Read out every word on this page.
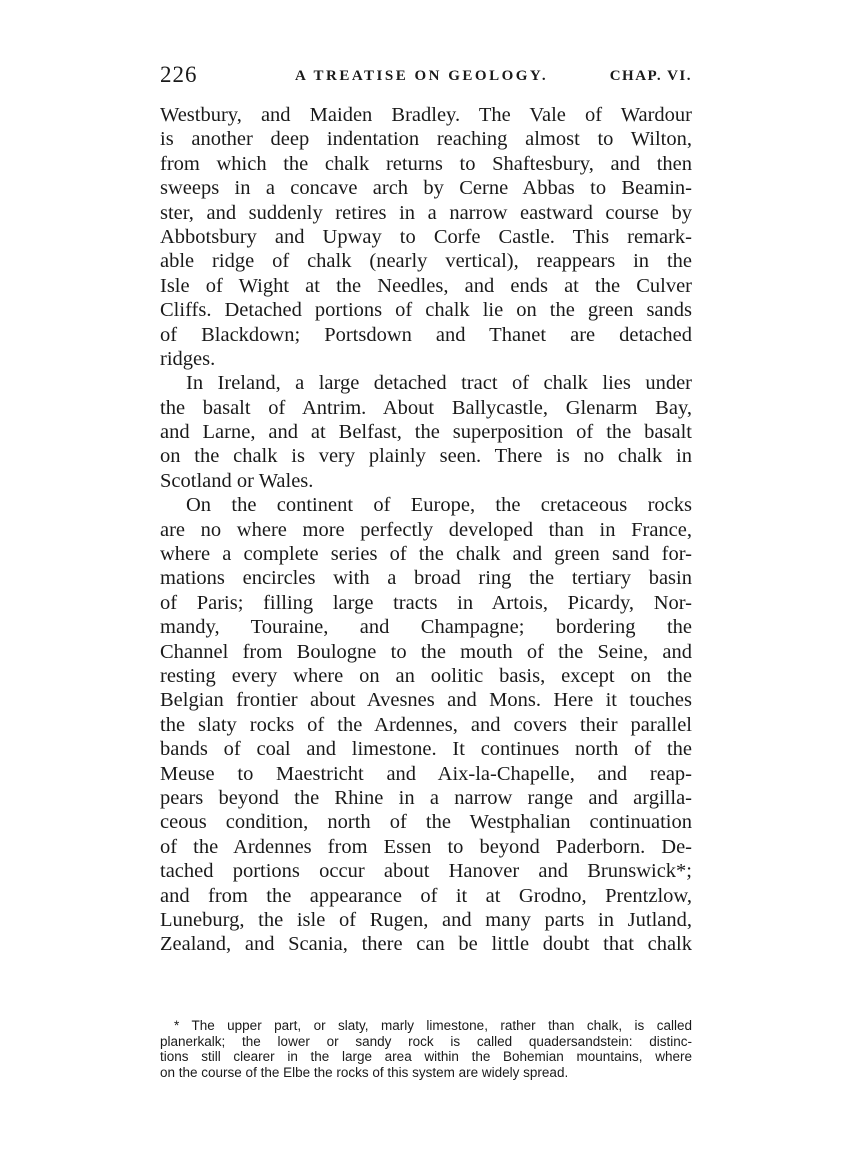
226	A TREATISE ON GEOLOGY.	CHAP. VI.
Westbury, and Maiden Bradley. The Vale of Wardour
is another deep indentation reaching almost to Wilton,
from which the chalk returns to Shaftesbury, and then
sweeps in a concave arch by Cerne Abbas to Beamin-
ster, and suddenly retires in a narrow eastward course by
Abbotsbury and Upway to Corfe Castle. This remark-
able ridge of chalk (nearly vertical), reappears in the
Isle of Wight at the Needles, and ends at the Culver
Cliffs. Detached portions of chalk lie on the green sands
of Blackdown; Portsdown and Thanet are detached
ridges.
In Ireland, a large detached tract of chalk lies under
the basalt of Antrim. About Ballycastle, Glenarm Bay,
and Larne, and at Belfast, the superposition of the basalt
on the chalk is very plainly seen. There is no chalk in
Scotland or Wales.
On the continent of Europe, the cretaceous rocks
are no where more perfectly developed than in France,
where a complete series of the chalk and green sand for-
mations encircles with a broad ring the tertiary basin
of Paris; filling large tracts in Artois, Picardy, Nor-
mandy, Touraine, and Champagne; bordering the
Channel from Boulogne to the mouth of the Seine, and
resting every where on an oolitic basis, except on the
Belgian frontier about Avesnes and Mons. Here it touches
the slaty rocks of the Ardennes, and covers their parallel
bands of coal and limestone. It continues north of the
Meuse to Maestricht and Aix-la-Chapelle, and reap-
pears beyond the Rhine in a narrow range and argilla-
ceous condition, north of the Westphalian continuation
of the Ardennes from Essen to beyond Paderborn. De-
tached portions occur about Hanover and Brunswick*;
and from the appearance of it at Grodno, Prentzlow,
Luneburg, the isle of Rugen, and many parts in Jutland,
Zealand, and Scania, there can be little doubt that chalk
* The upper part, or slaty, marly limestone, rather than chalk, is called
planerkalk; the lower or sandy rock is called quadersandstein: distinc-
tions still clearer in the large area within the Bohemian mountains, where
on the course of the Elbe the rocks of this system are widely spread.
